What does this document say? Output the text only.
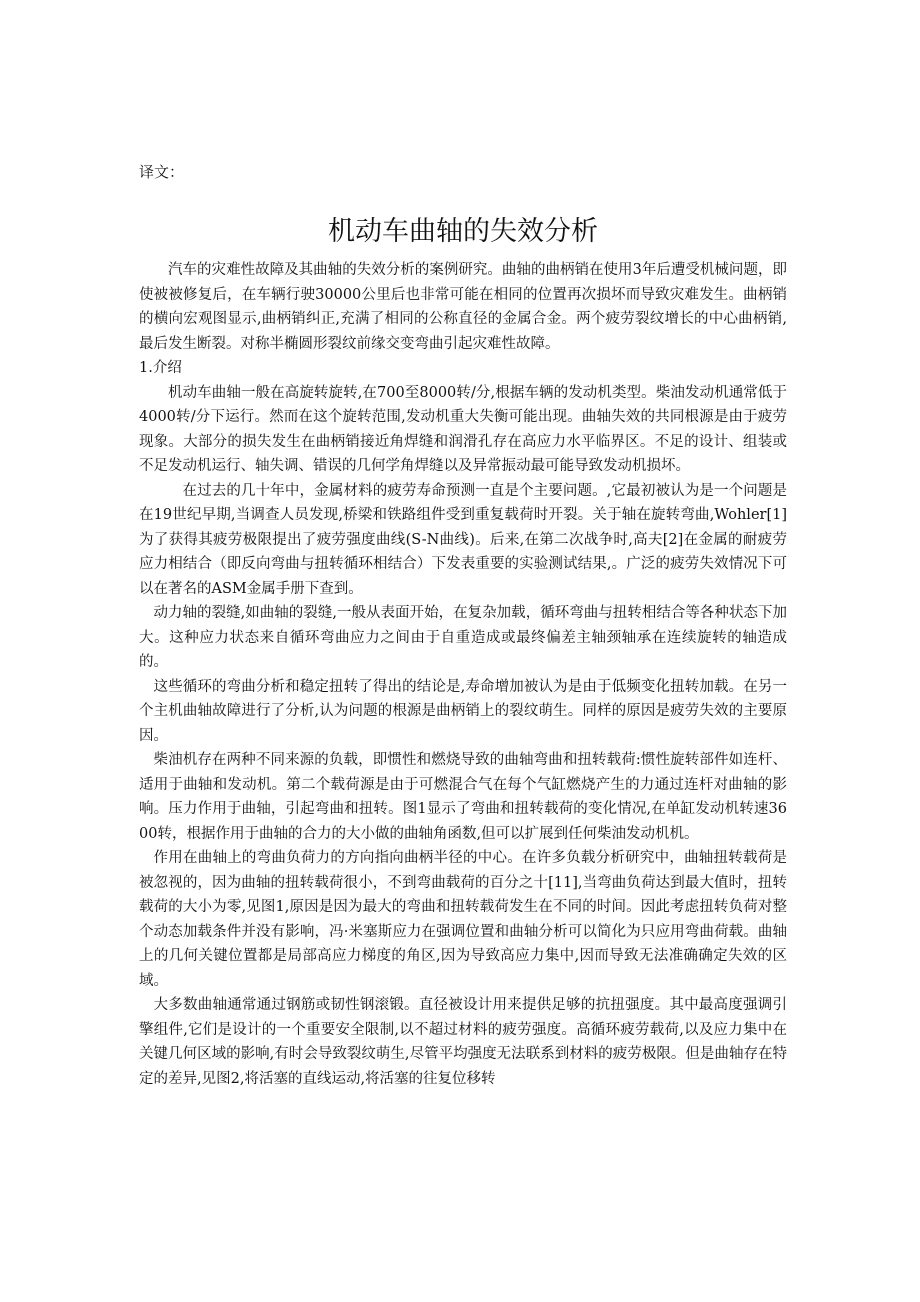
译文：
机动车曲轴的失效分析

汽车的灾难性故障及其曲轴的失效分析的案例研究。曲轴的曲柄销在使用3年后遭受机械问题，即使被被修复后，在车辆行驶30000公里后也非常可能在相同的位置再次损坏而导致灾难发生。曲柄销的横向宏观图显示,曲柄销纠正,充满了相同的公称直径的金属合金。两个疲劳裂纹增长的中心曲柄销,最后发生断裂。对称半椭圆形裂纹前缘交变弯曲引起灾难性故障。

1.介绍

机动车曲轴一般在高旋转旋转,在700至8000转/分,根据车辆的发动机类型。柴油发动机通常低于4000转/分下运行。然而在这个旋转范围,发动机重大失衡可能出现。曲轴失效的共同根源是由于疲劳现象。大部分的损失发生在曲柄销接近角焊缝和润滑孔存在高应力水平临界区。不足的设计、组装或不足发动机运行、轴失调、错误的几何学角焊缝以及异常振动最可能导致发动机损坏。

在过去的几十年中，金属材料的疲劳寿命预测一直是个主要问题。,它最初被认为是一个问题是在19世纪早期,当调查人员发现,桥梁和铁路组件受到重复载荷时开裂。关于轴在旋转弯曲,Wohler[1]为了获得其疲劳极限提出了疲劳强度曲线(S-N曲线)。后来,在第二次战争时,高夫[2]在金属的耐疲劳应力相结合（即反向弯曲与扭转循环相结合）下发表重要的实验测试结果,。广泛的疲劳失效情况下可以在著名的ASM金属手册下查到。

动力轴的裂缝,如曲轴的裂缝,一般从表面开始，在复杂加载，循环弯曲与扭转相结合等各种状态下加大。这种应力状态来自循环弯曲应力之间由于自重造成或最终偏差主轴颈轴承在连续旋转的轴造成的。

这些循环的弯曲分析和稳定扭转了得出的结论是,寿命增加被认为是由于低频变化扭转加载。在另一个主机曲轴故障进行了分析,认为问题的根源是曲柄销上的裂纹萌生。同样的原因是疲劳失效的主要原因。

柴油机存在两种不同来源的负载，即惯性和燃烧导致的曲轴弯曲和扭转载荷:惯性旋转部件如连杆、适用于曲轴和发动机。第二个载荷源是由于可燃混合气在每个气缸燃烧产生的力通过连杆对曲轴的影响。压力作用于曲轴，引起弯曲和扭转。图1显示了弯曲和扭转载荷的变化情况,在单缸发动机转速3600转，根据作用于曲轴的合力的大小做的曲轴角函数,但可以扩展到任何柴油发动机机。

作用在曲轴上的弯曲负荷力的方向指向曲柄半径的中心。在许多负载分析研究中，曲轴扭转载荷是被忽视的，因为曲轴的扭转载荷很小，不到弯曲载荷的百分之十[11],当弯曲负荷达到最大值时，扭转载荷的大小为零,见图1,原因是因为最大的弯曲和扭转载荷发生在不同的时间。因此考虑扭转负荷对整个动态加载条件并没有影响，冯·米塞斯应力在强调位置和曲轴分析可以简化为只应用弯曲荷载。曲轴上的几何关键位置都是局部高应力梯度的角区,因为导致高应力集中,因而导致无法准确确定失效的区域。

大多数曲轴通常通过钢筋或韧性钢滚锻。直径被设计用来提供足够的抗扭强度。其中最高度强调引擎组件,它们是设计的一个重要安全限制,以不超过材料的疲劳强度。高循环疲劳载荷,以及应力集中在关键几何区域的影响,有时会导致裂纹萌生,尽管平均强度无法联系到材料的疲劳极限。但是曲轴存在特定的差异,见图2,将活塞的直线运动,将活塞的往复位移转
